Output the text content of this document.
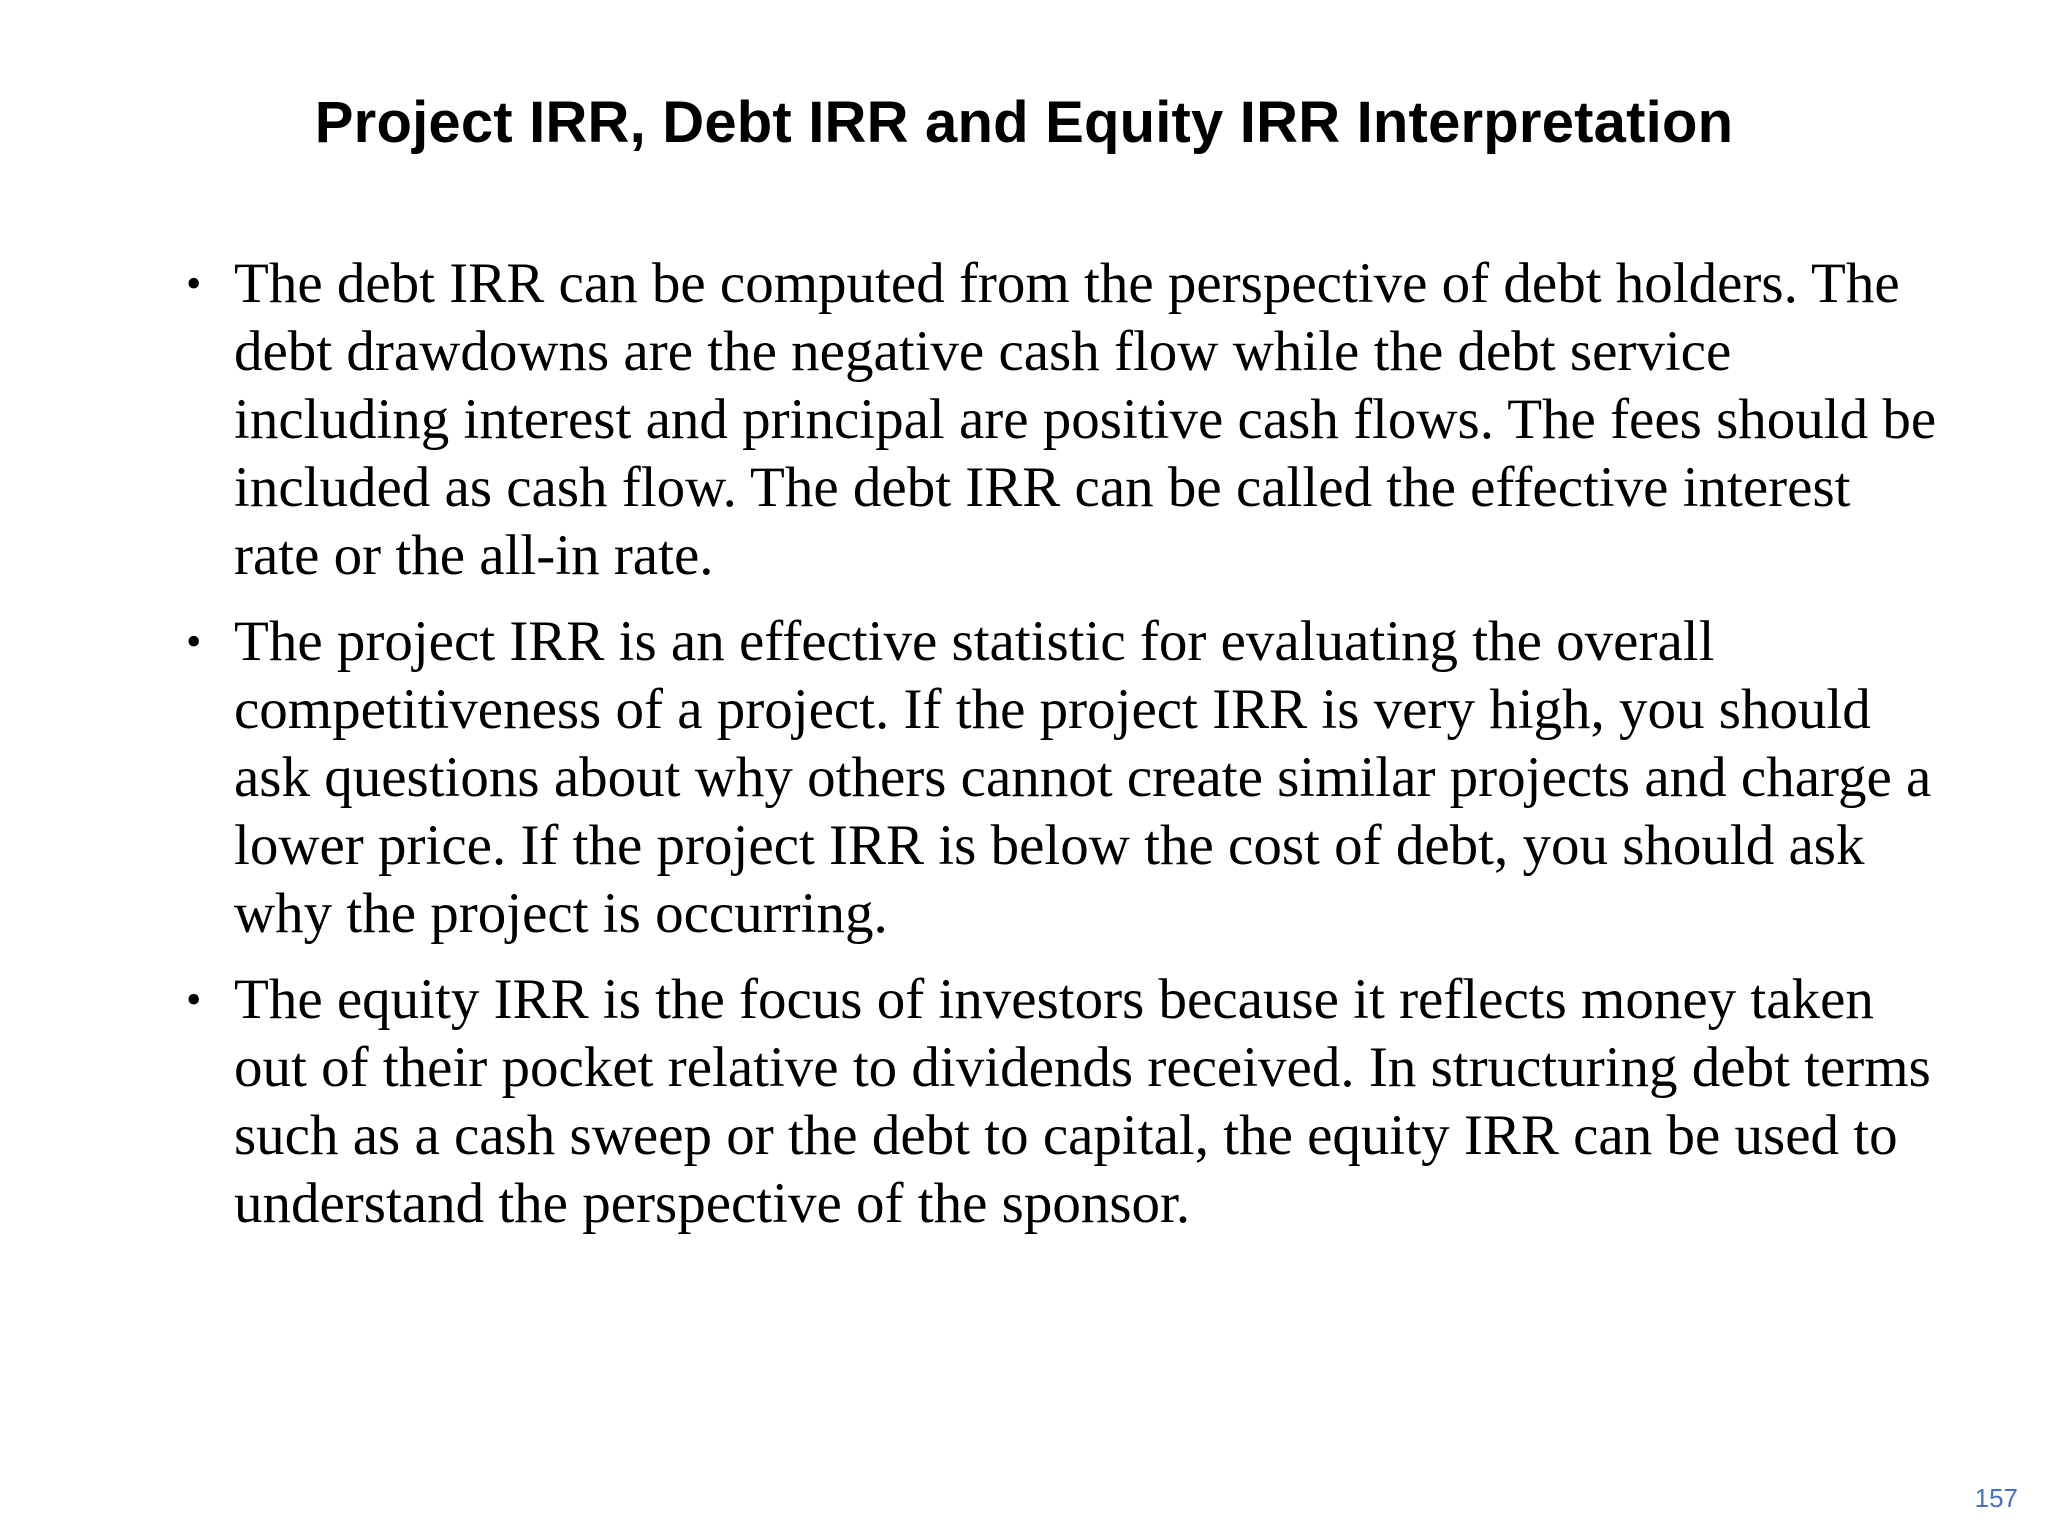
Project IRR, Debt IRR and Equity IRR Interpretation
• The debt IRR can be computed from the perspective of debt holders. The debt drawdowns are the negative cash flow while the debt service including interest and principal are positive cash flows. The fees should be included as cash flow. The debt IRR can be called the effective interest rate or the all-in rate.
• The project IRR is an effective statistic for evaluating the overall competitiveness of a project. If the project IRR is very high, you should ask questions about why others cannot create similar projects and charge a lower price. If the project IRR is below the cost of debt, you should ask why the project is occurring.
• The equity IRR is the focus of investors because it reflects money taken out of their pocket relative to dividends received. In structuring debt terms such as a cash sweep or the debt to capital, the equity IRR can be used to understand the perspective of the sponsor.
157
